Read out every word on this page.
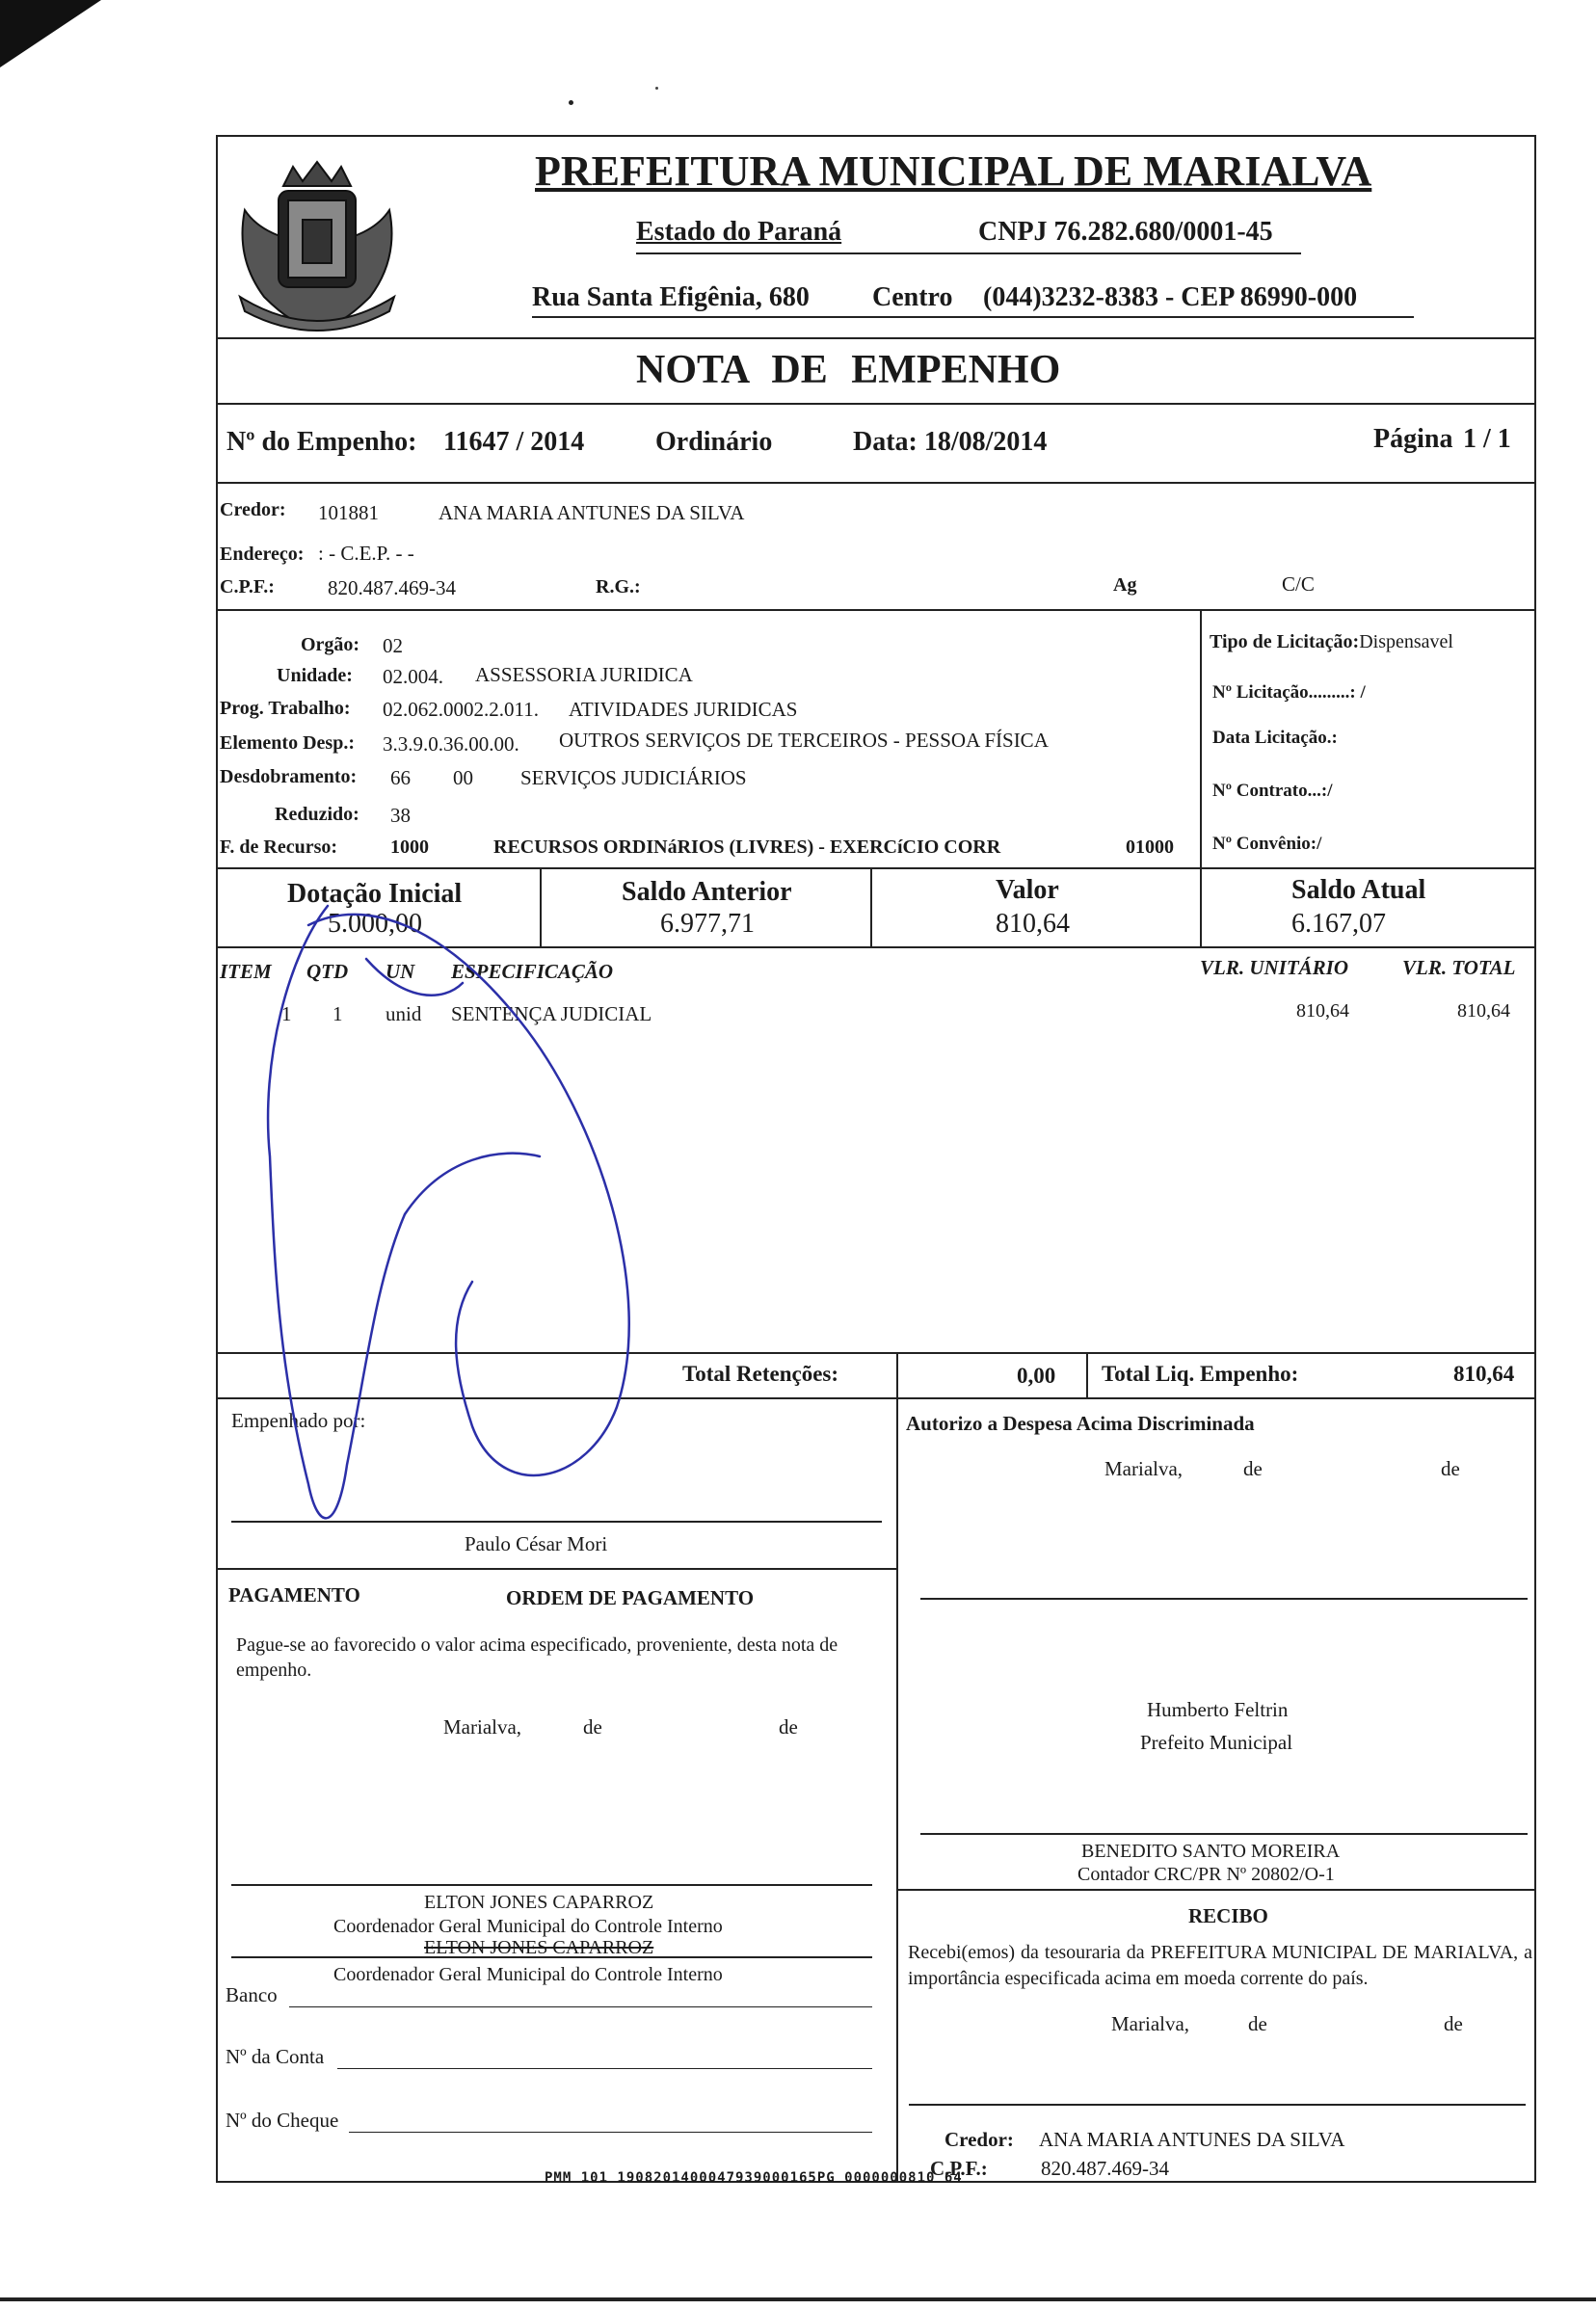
PREFEITURA MUNICIPAL DE MARIALVA
Estado do Paraná	CNPJ 76.282.680/0001-45
Rua Santa Efigênia, 680 Centro (044)3232-8383 - CEP 86990-000
NOTA DE EMPENHO
Nº do Empenho: 11647 / 2014	Ordinário	Data: 18/08/2014	Página 1 / 1
Credor: 101881	ANA MARIA ANTUNES DA SILVA
Endereço: : - C.E.P. - -
C.P.F.:	820.487.469-34	R.G.:	Ag	C/C
Orgão: 02
Unidade: 02.004. ASSESSORIA JURIDICA
Prog. Trabalho: 02.062.0002.2.011. ATIVIDADES JURIDICAS
Elemento Desp.: 3.3.9.0.36.00.00. OUTROS SERVIÇOS DE TERCEIROS - PESSOA FÍSICA
Desdobramento: 66 00 SERVIÇOS JUDICIÁRIOS
Reduzido: 38
F. de Recurso:	1000	RECURSOS ORDINáRIOS (LIVRES) - EXERCíCIO CORR	01000
Tipo de Licitação:Dispensavel
Nº Licitação.........: /
Data Licitação.:
Nº Contrato...:/
Nº Convênio:/
Dotação Inicial
5.000,00
Saldo Anterior
6.977,71
Valor
810,64
Saldo Atual
6.167,07
ITEM QTD UN ESPECIFICAÇÃO	VLR. UNITÁRIO	VLR. TOTAL
1 1 unid SENTENÇA JUDICIAL	810,64	810,64
Total Retenções:	0,00 Total Liq. Empenho:	810,64
Empenhado por:
Paulo César Mori
Autorizo a Despesa Acima Discriminada
Marialva,	de	de
PAGAMENTO	ORDEM DE PAGAMENTO
Pague-se ao favorecido o valor acima especificado, proveniente, desta nota de empenho.
Marialva,	de	de
Humberto Feltrin
Prefeito Municipal
BENEDITO SANTO MOREIRA
Contador CRC/PR Nº 20802/O-1
ELTON JONES CAPARROZ
Coordenador Geral Municipal do Controle Interno
ELTON JONES CAPARROZ
Coordenador Geral Municipal do Controle Interno
Banco
Nº da Conta
Nº do Cheque
RECIBO
Recebi(emos) da tesouraria da PREFEITURA MUNICIPAL DE MARIALVA, a importância especificada acima em moeda corrente do país.
Marialva,	de	de
Credor: ANA MARIA ANTUNES DA SILVA
C.P.F.:	820.487.469-34
PMM 101 1908201400047939000165PG 0000000810 64
